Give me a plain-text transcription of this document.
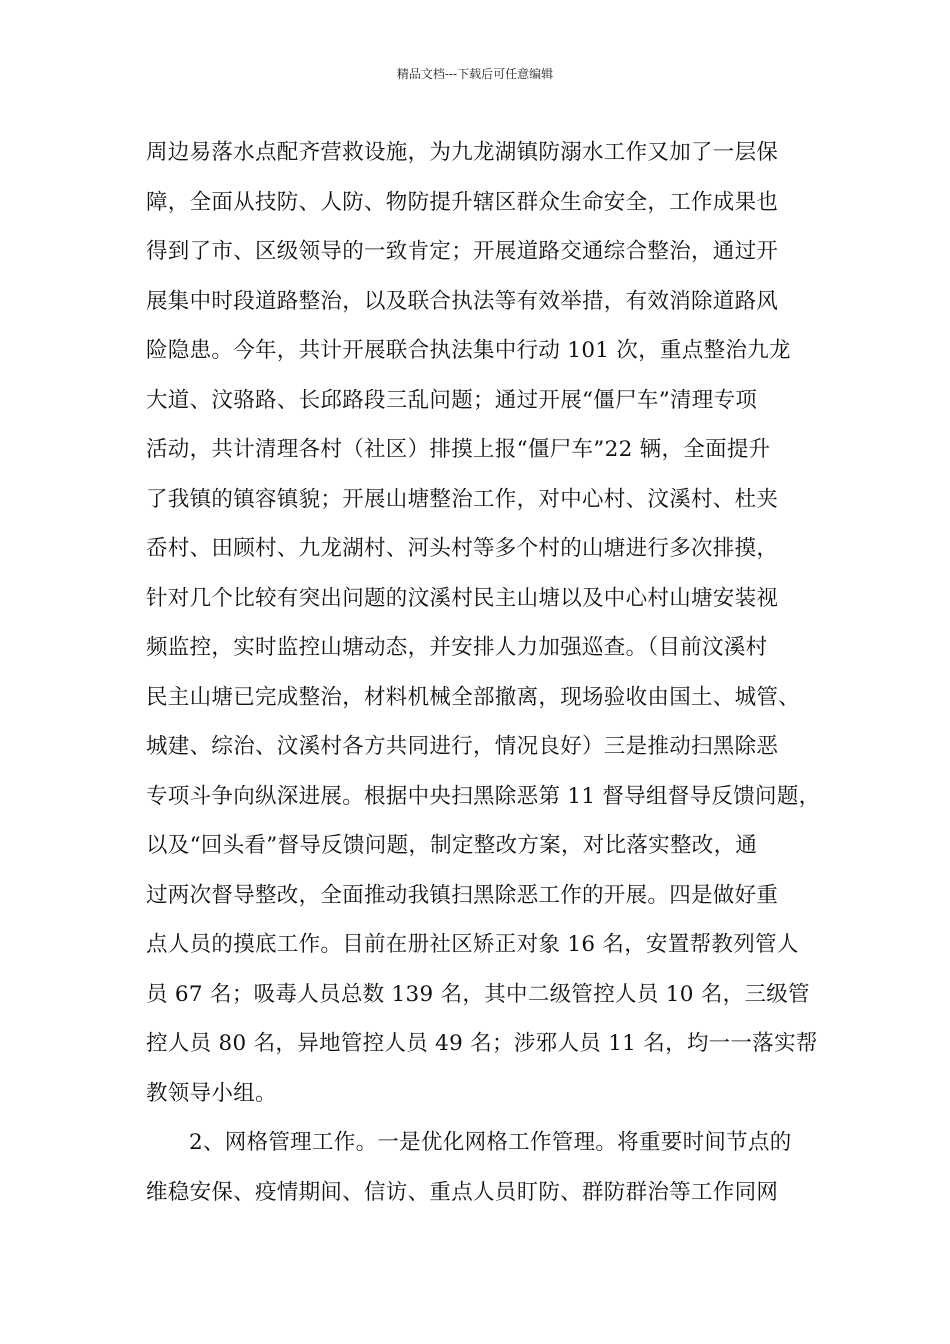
精品文档---下载后可任意编辑
周边易落水点配齐营救设施，为九龙湖镇防溺水工作又加了一层保
障，全面从技防、人防、物防提升辖区群众生命安全，工作成果也
得到了市、区级领导的一致肯定；开展道路交通综合整治，通过开
展集中时段道路整治，以及联合执法等有效举措，有效消除道路风
险隐患。今年，共计开展联合执法集中行动 101 次，重点整治九龙
大道、汶骆路、长邱路段三乱问题；通过开展“僵尸车”清理专项
活动，共计清理各村（社区）排摸上报“僵尸车”22 辆，全面提升
了我镇的镇容镇貌；开展山塘整治工作，对中心村、汶溪村、杜夹
岙村、田顾村、九龙湖村、河头村等多个村的山塘进行多次排摸，
针对几个比较有突出问题的汶溪村民主山塘以及中心村山塘安装视
频监控，实时监控山塘动态，并安排人力加强巡查。（目前汶溪村
民主山塘已完成整治，材料机械全部撤离，现场验收由国土、城管、
城建、综治、汶溪村各方共同进行，情况良好）三是推动扫黑除恶
专项斗争向纵深进展。根据中央扫黑除恶第 11 督导组督导反馈问题，
以及“回头看”督导反馈问题，制定整改方案，对比落实整改，通
过两次督导整改，全面推动我镇扫黑除恶工作的开展。四是做好重
点人员的摸底工作。目前在册社区矫正对象 16 名，安置帮教列管人
员 67 名；吸毒人员总数 139 名，其中二级管控人员 10 名，三级管
控人员 80 名，异地管控人员 49 名；涉邪人员 11 名，均一一落实帮
教领导小组。
2、网格管理工作。一是优化网格工作管理。将重要时间节点的
维稳安保、疫情期间、信访、重点人员盯防、群防群治等工作同网
